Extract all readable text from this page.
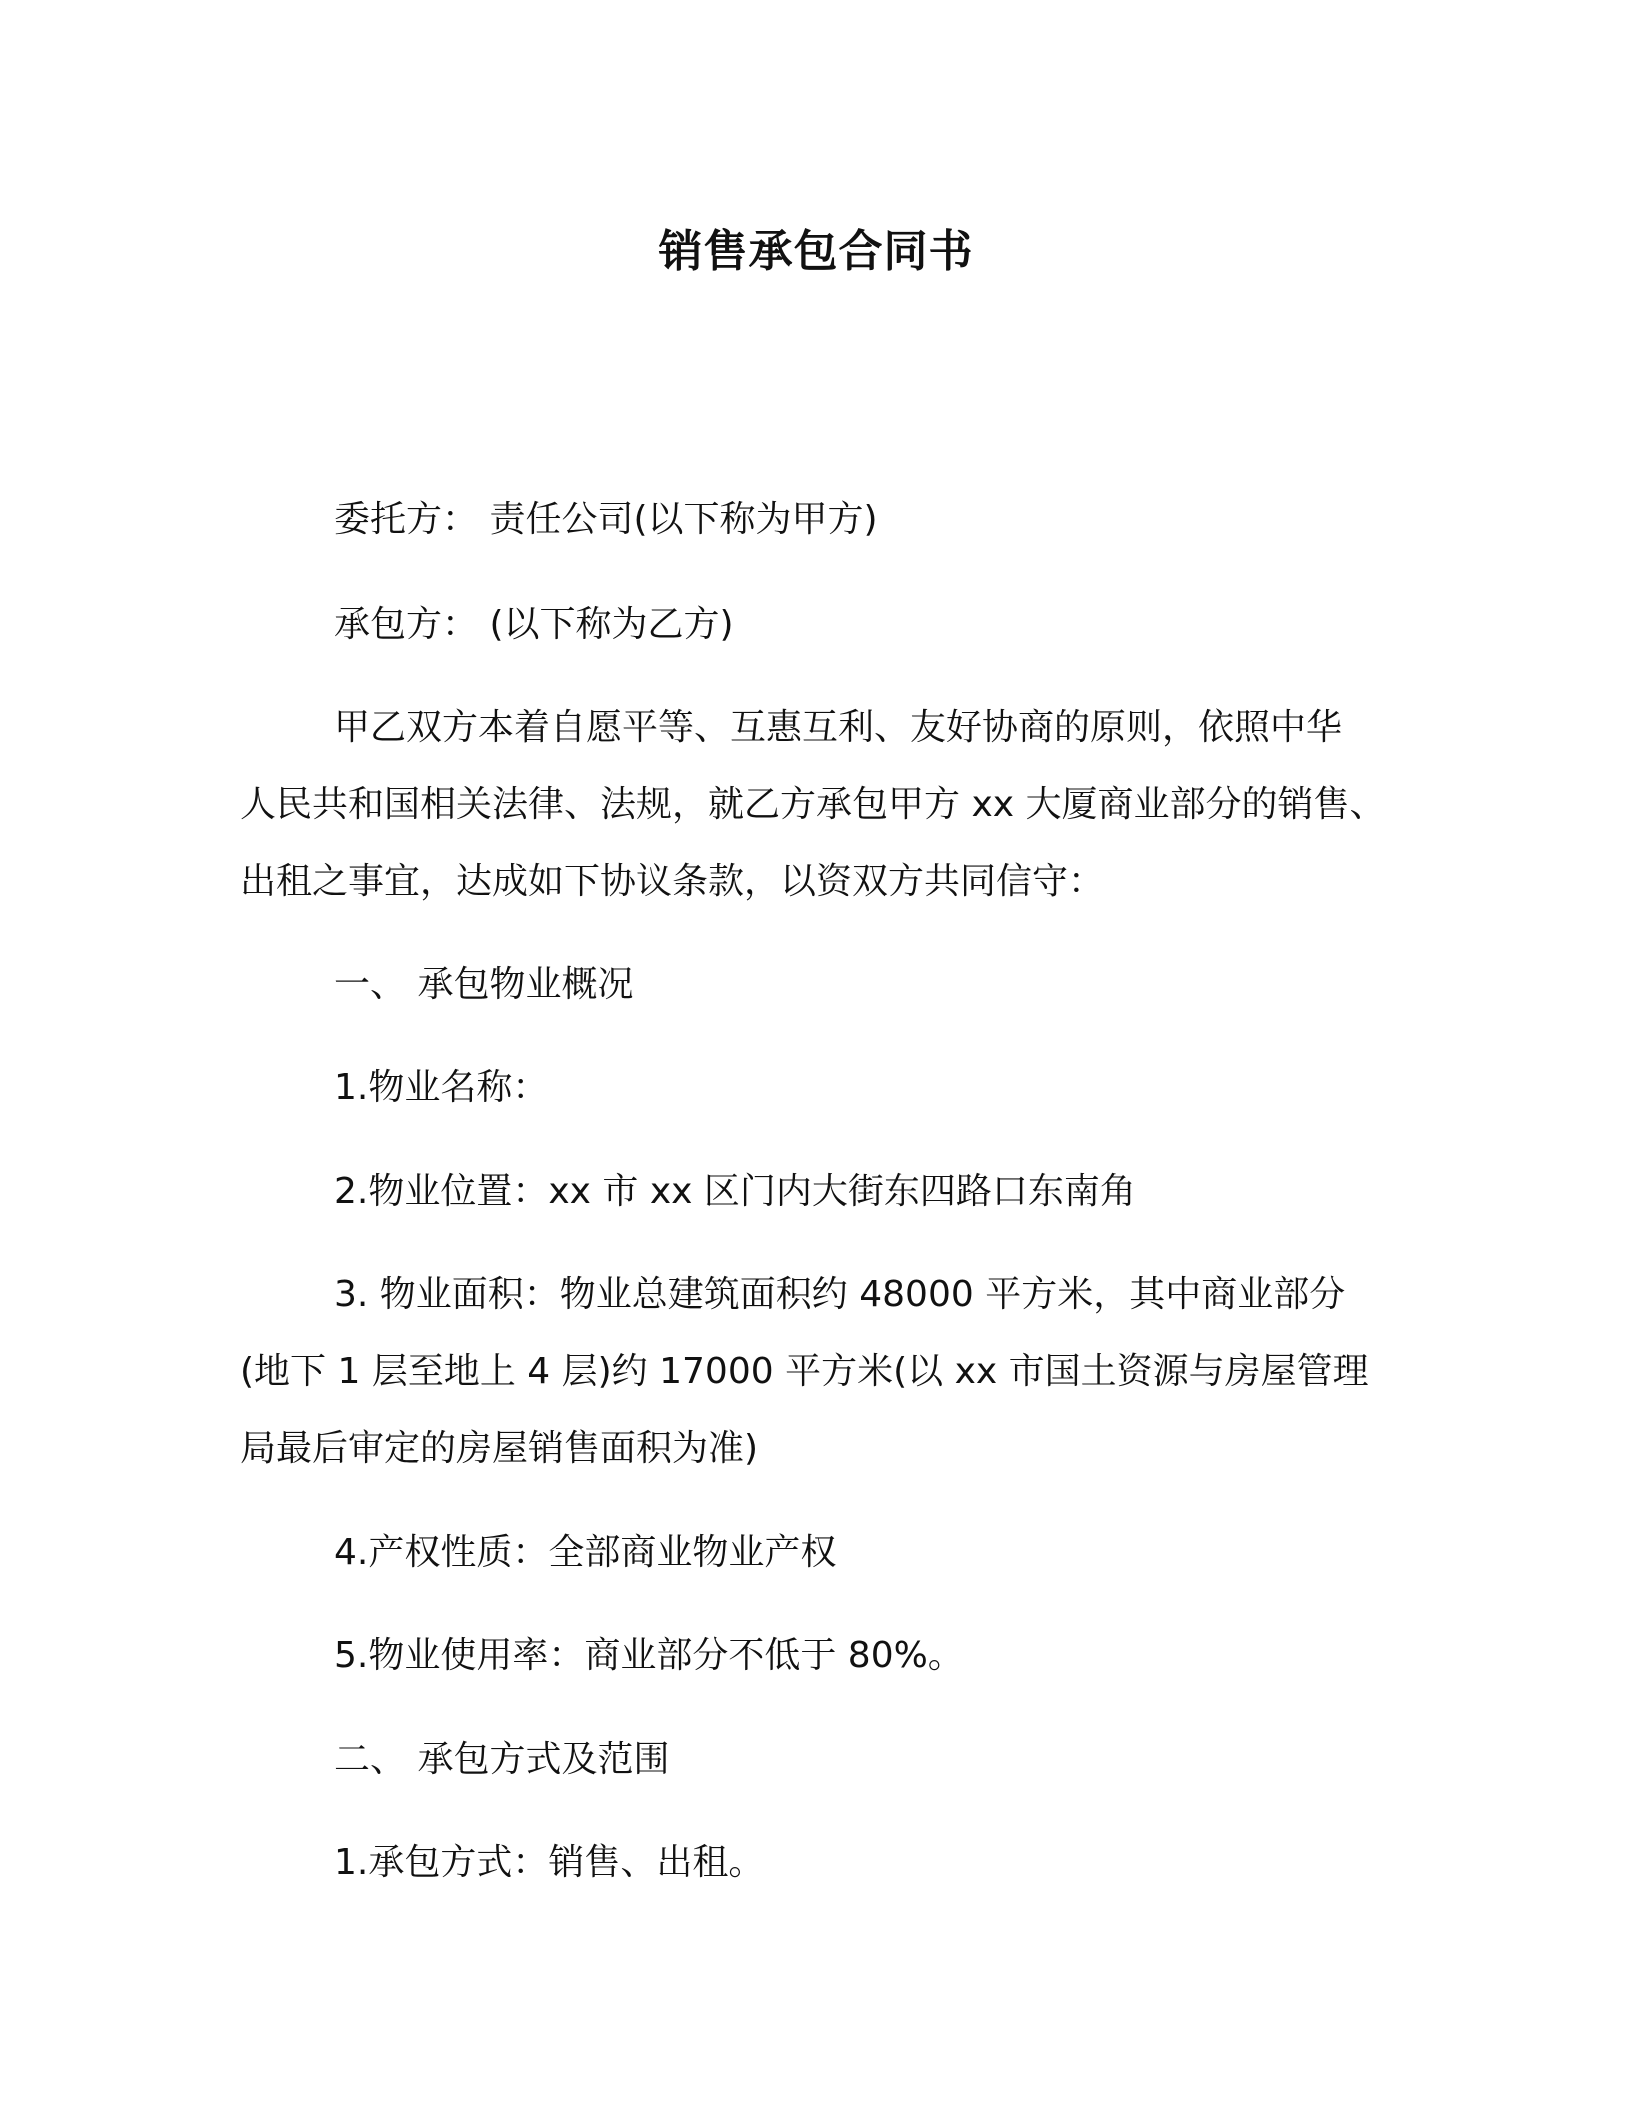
销售承包合同书

委托方： 责任公司(以下称为甲方)

承包方： (以下称为乙方)

甲乙双方本着自愿平等、互惠互利、友好协商的原则，依照中华

人民共和国相关法律、法规，就乙方承包甲方 xx 大厦商业部分的销售、

出租之事宜，达成如下协议条款，以资双方共同信守：

一、 承包物业概况

1.物业名称：

2.物业位置：xx 市 xx 区门内大街东四路口东南角

3. 物业面积：物业总建筑面积约 48000 平方米，其中商业部分

(地下 1 层至地上 4 层)约 17000 平方米(以 xx 市国土资源与房屋管理

局最后审定的房屋销售面积为准)

4.产权性质：全部商业物业产权

5.物业使用率：商业部分不低于 80%。

二、 承包方式及范围

1.承包方式：销售、出租。
